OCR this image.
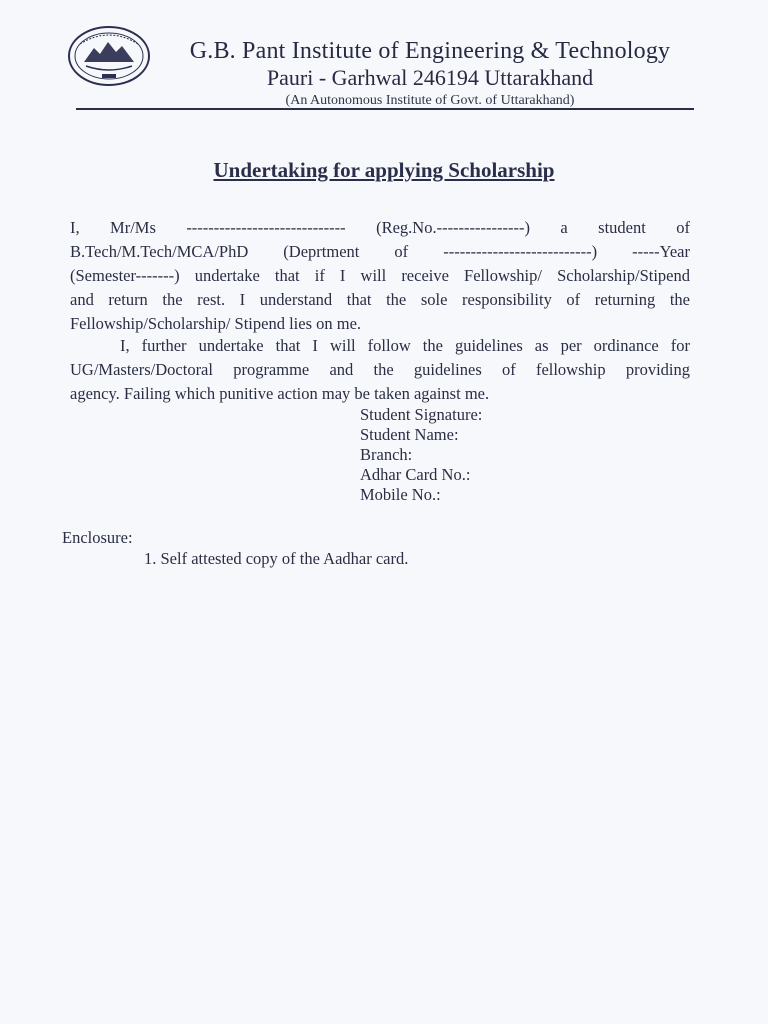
G.B. Pant Institute of Engineering & Technology
Pauri - Garhwal 246194 Uttarakhand
(An Autonomous Institute of Govt. of Uttarakhand)
Undertaking for applying Scholarship
I, Mr/Ms ----------------------------- (Reg.No.----------------) a student of
B.Tech/M.Tech/MCA/PhD (Deprtment of ---------------------------) -----Year
(Semester-------) undertake that if I will receive Fellowship/ Scholarship/Stipend
and return the rest. I understand that the sole responsibility of returning the
Fellowship/Scholarship/ Stipend lies on me.
I, further undertake that I will follow the guidelines as per ordinance for
UG/Masters/Doctoral programme and the guidelines of fellowship providing
agency. Failing which punitive action may be taken against me.
Student Signature:
Student Name:
Branch:
Adhar Card No.:
Mobile No.:
Enclosure:
1. Self attested copy of the Aadhar card.
